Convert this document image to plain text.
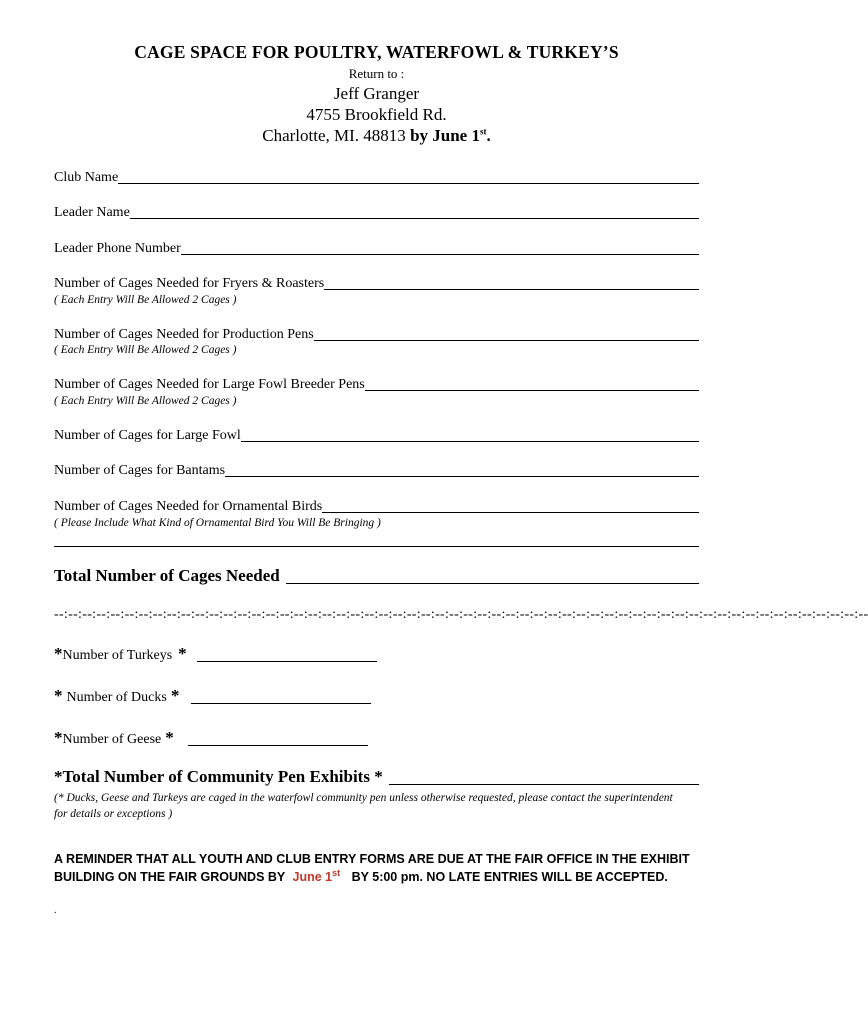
CAGE SPACE FOR POULTRY, WATERFOWL & TURKEY’S
Return to :
Jeff Granger
4755 Brookfield Rd.
Charlotte, MI. 48813 by June 1st.
Club Name
Leader Name
Leader Phone Number
Number of Cages Needed for Fryers & Roasters
( Each Entry Will Be Allowed 2 Cages )
Number of Cages Needed for Production Pens
( Each Entry Will Be Allowed 2 Cages )
Number of Cages Needed for Large Fowl Breeder Pens
( Each Entry Will Be Allowed 2 Cages )
Number of Cages for Large Fowl
Number of Cages for Bantams
Number of Cages Needed for Ornamental Birds
( Please Include What Kind of Ornamental Bird You Will Be Bringing )
Total Number of Cages Needed
--:--:--:--:--:--:--:--:--:--:--:--:--:--:--:--:--:--:--:--:--:--:--:--:--:--:--:--:--:--:--:--:--:--:--:--:--:--:--:--:--:--:--:--:--:--:--:--:--:--:--:--:--:--:--:--:--:--
* Number of Turkeys *
* Number of Ducks *
* Number of Geese *
*Total Number of Community Pen Exhibits *
(* Ducks, Geese and Turkeys are caged in the waterfowl community pen unless otherwise requested, please contact the superintendent for details or exceptions )
A REMINDER THAT ALL YOUTH AND CLUB ENTRY FORMS ARE DUE AT THE FAIR OFFICE IN THE EXHIBIT BUILDING ON THE FAIR GROUNDS BY June 1st BY 5:00 pm. NO LATE ENTRIES WILL BE ACCEPTED.
.
